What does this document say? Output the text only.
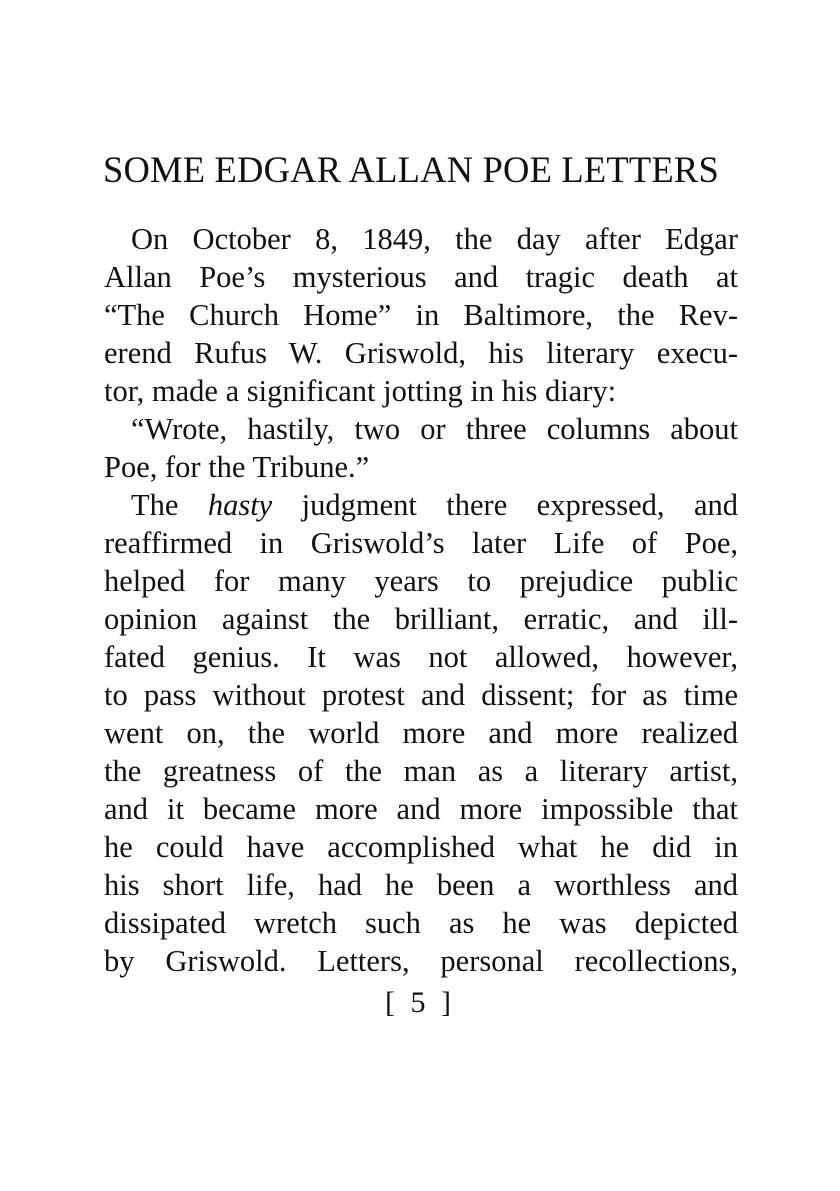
SOME EDGAR ALLAN POE LETTERS
On October 8, 1849, the day after Edgar
Allan Poe’s mysterious and tragic death at
“The Church Home” in Baltimore, the Rev-
erend Rufus W. Griswold, his literary execu-
tor, made a significant jotting in his diary:
“Wrote, hastily, two or three columns about
Poe, for the Tribune.”
The hasty judgment there expressed, and
reaffirmed in Griswold’s later Life of Poe,
helped for many years to prejudice public
opinion against the brilliant, erratic, and ill-
fated genius. It was not allowed, however,
to pass without protest and dissent; for as time
went on, the world more and more realized
the greatness of the man as a literary artist,
and it became more and more impossible that
he could have accomplished what he did in
his short life, had he been a worthless and
dissipated wretch such as he was depicted
by Griswold. Letters, personal recollections,
[ 5 ]
